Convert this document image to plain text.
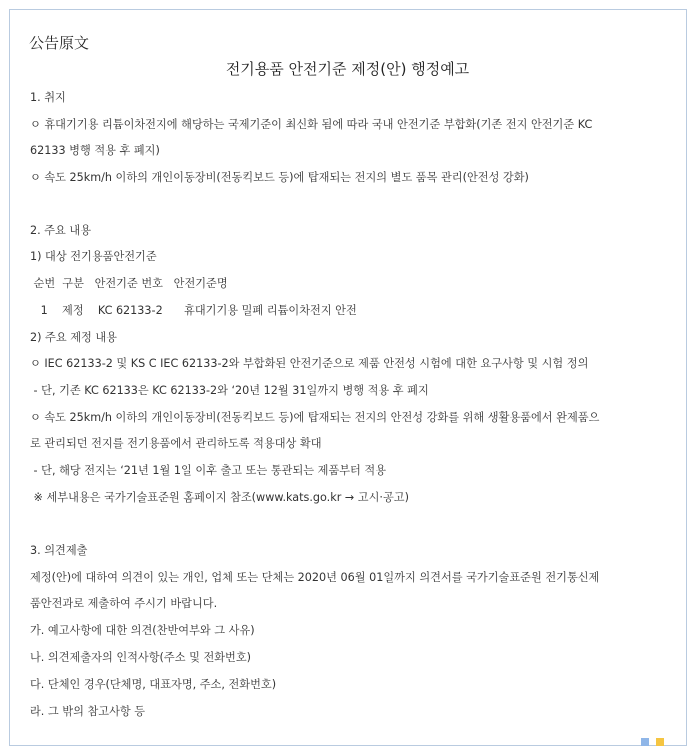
公告原文
전기용품 안전기준 제정(안) 행정예고
1. 취지
ㅇ 휴대기기용 리튬이차전지에 해당하는 국제기준이 최신화 됨에 따라 국내 안전기준 부합화(기존 전지 안전기준 KC
62133 병행 적용 후 폐지)
ㅇ 속도 25km/h 이하의 개인이동장비(전동킥보드 등)에 탑재되는 전지의 별도 품목 관리(안전성 강화)
2. 주요 내용
1) 대상 전기용품안전기준
순번  구분   안전기준 번호   안전기준명
1    제정    KC 62133-2      휴대기기용 밀폐 리튬이차전지 안전
2) 주요 제정 내용
ㅇ IEC 62133-2 및 KS C IEC 62133-2와 부합화된 안전기준으로 제품 안전성 시험에 대한 요구사항 및 시험 정의
- 단, 기존 KC 62133은 KC 62133-2와 ‘20년 12월 31일까지 병행 적용 후 폐지
ㅇ 속도 25km/h 이하의 개인이동장비(전동킥보드 등)에 탑재되는 전지의 안전성 강화를 위해 생활용품에서 완제품으
로 관리되던 전지를 전기용품에서 관리하도록 적용대상 확대
- 단, 해당 전지는 ‘21년 1월 1일 이후 출고 또는 통관되는 제품부터 적용
※ 세부내용은 국가기술표준원 홈페이지 참조(www.kats.go.kr → 고시·공고)
3. 의견제출
제정(안)에 대하여 의견이 있는 개인, 업체 또는 단체는 2020년 06월 01일까지 의견서를 국가기술표준원 전기통신제
품안전과로 제출하여 주시기 바랍니다.
가. 예고사항에 대한 의견(찬반여부와 그 사유)
나. 의견제출자의 인적사항(주소 및 전화번호)
다. 단체인 경우(단체명, 대표자명, 주소, 전화번호)
라. 그 밖의 참고사항 등
